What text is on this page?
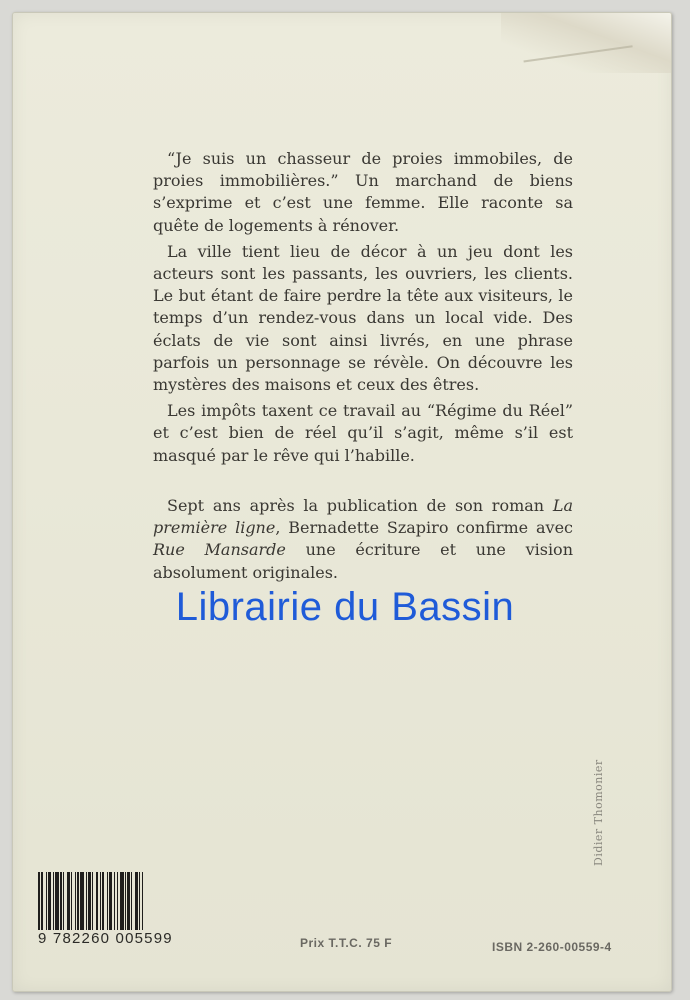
“Je suis un chasseur de proies immobiles, de proies immobilières.” Un marchand de biens s’exprime et c’est une femme. Elle raconte sa quête de logements à rénover.

La ville tient lieu de décor à un jeu dont les acteurs sont les passants, les ouvriers, les clients. Le but étant de faire perdre la tête aux visiteurs, le temps d’un rendez-vous dans un local vide. Des éclats de vie sont ainsi livrés, en une phrase parfois un personnage se révèle. On découvre les mystères des maisons et ceux des êtres.

Les impôts taxent ce travail au “Régime du Réel” et c’est bien de réel qu’il s’agit, même s’il est masqué par le rêve qui l’habille.

Sept ans après la publication de son roman La première ligne, Bernadette Szapiro confirme avec Rue Mansarde une écriture et une vision absolument originales.
Librairie du Bassin
9 782260 005599	Prix T.T.C. 75 F	ISBN 2-260-00559-4
Didier Thomonier
